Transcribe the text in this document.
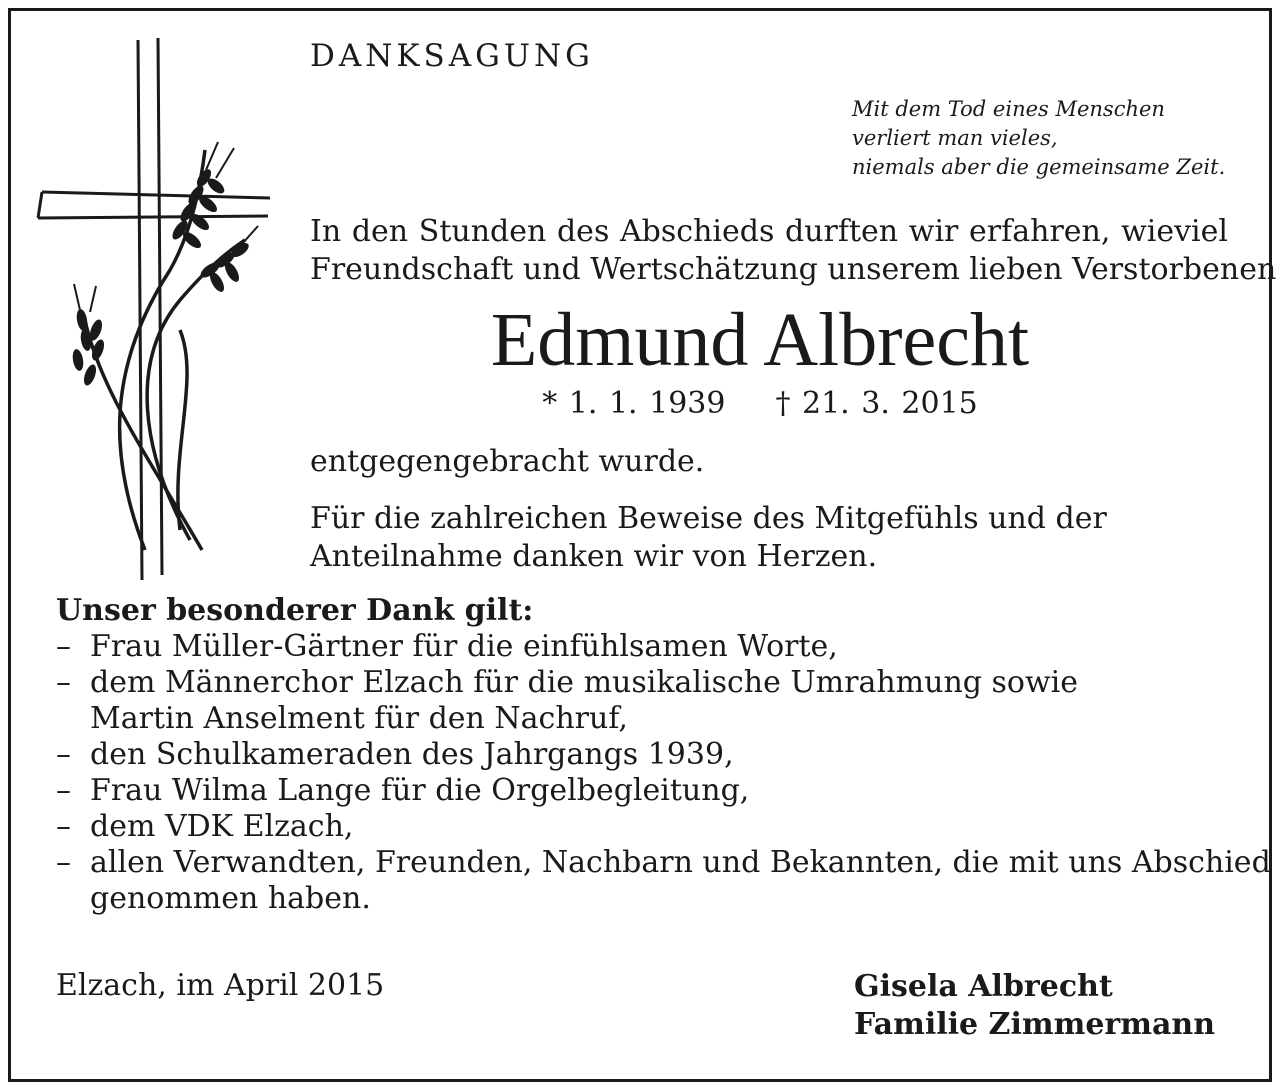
DANKSAGUNG
Mit dem Tod eines Menschen
verliert man vieles,
niemals aber die gemeinsame Zeit.
In den Stunden des Abschieds durften wir erfahren, wieviel
Freundschaft und Wertschätzung unserem lieben Verstorbenen
Edmund Albrecht
* 1. 1. 1939 † 21. 3. 2015
entgegengebracht wurde.
Für die zahlreichen Beweise des Mitgefühls und der
Anteilnahme danken wir von Herzen.
Unser besonderer Dank gilt:
– Frau Müller-Gärtner für die einfühlsamen Worte,
– dem Männerchor Elzach für die musikalische Umrahmung sowie
Martin Anselment für den Nachruf,
– den Schulkameraden des Jahrgangs 1939,
– Frau Wilma Lange für die Orgelbegleitung,
– dem VDK Elzach,
– allen Verwandten, Freunden, Nachbarn und Bekannten, die mit uns Abschied
genommen haben.
Elzach, im April 2015	Gisela Albrecht
Familie Zimmermann
